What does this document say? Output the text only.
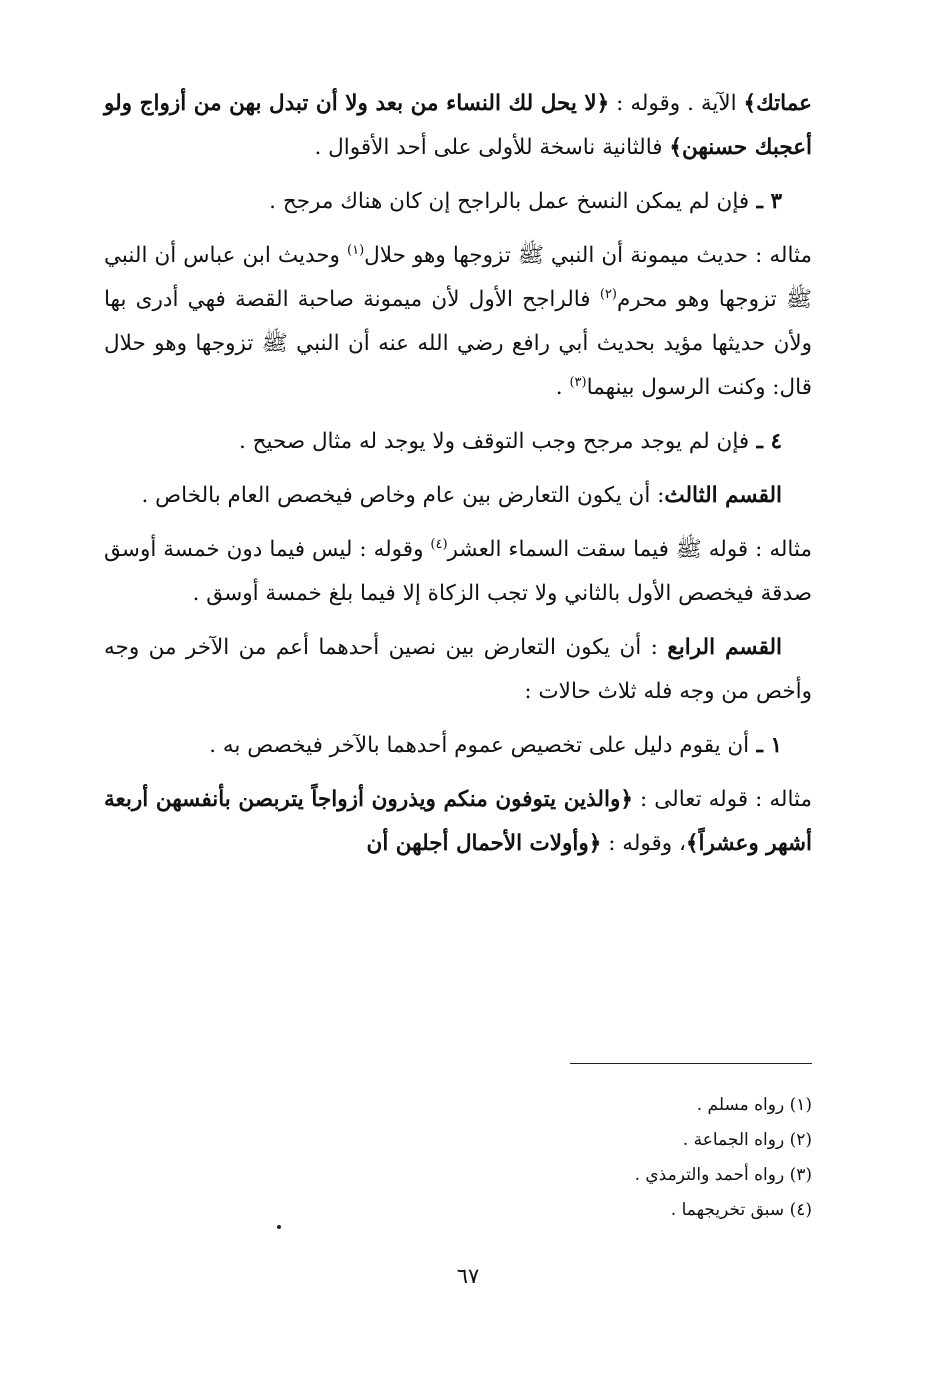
عماتك﴾ الآية . وقوله : ﴿لا يحل لك النساء من بعد ولا أن تبدل بهن من أزواج ولو أعجبك حسنهن﴾ فالثانية ناسخة للأولى على أحد الأقوال .

٣ ـ فإن لم يمكن النسخ عمل بالراجح إن كان هناك مرجح .

مثاله : حديث ميمونة أن النبي ﷺ تزوجها وهو حلال$^{(١)}$ وحديث ابن عباس أن النبي ﷺ تزوجها وهو محرم$^{(٢)}$ فالراجح الأول لأن ميمونة صاحبة القصة فهي أدرى بها ولأن حديثها مؤيد بحديث أبي رافع رضي الله عنه أن النبي ﷺ تزوجها وهو حلال قال: وكنت الرسول بينهما$^{(٣)}$ .

٤ ـ فإن لم يوجد مرجح وجب التوقف ولا يوجد له مثال صحيح .

القسم الثالث: أن يكون التعارض بين عام وخاص فيخصص العام بالخاص .

مثاله : قوله ﷺ فيما سقت السماء العشر$^{(٤)}$ وقوله : ليس فيما دون خمسة أوسق صدقة فيخصص الأول بالثاني ولا تجب الزكاة إلا فيما بلغ خمسة أوسق .

القسم الرابع : أن يكون التعارض بين نصين أحدهما أعم من الآخر من وجه وأخص من وجه فله ثلاث حالات :

١ ـ أن يقوم دليل على تخصيص عموم أحدهما بالآخر فيخصص به .

مثاله : قوله تعالى : ﴿والذين يتوفون منكم ويذرون أزواجاً يتربصن بأنفسهن أربعة أشهر وعشراً﴾، وقوله : ﴿وأولات الأحمال أجلهن أن

(١) رواه مسلم .
(٢) رواه الجماعة .
(٣) رواه أحمد والترمذي .
(٤) سبق تخريجهما .
٦٧
